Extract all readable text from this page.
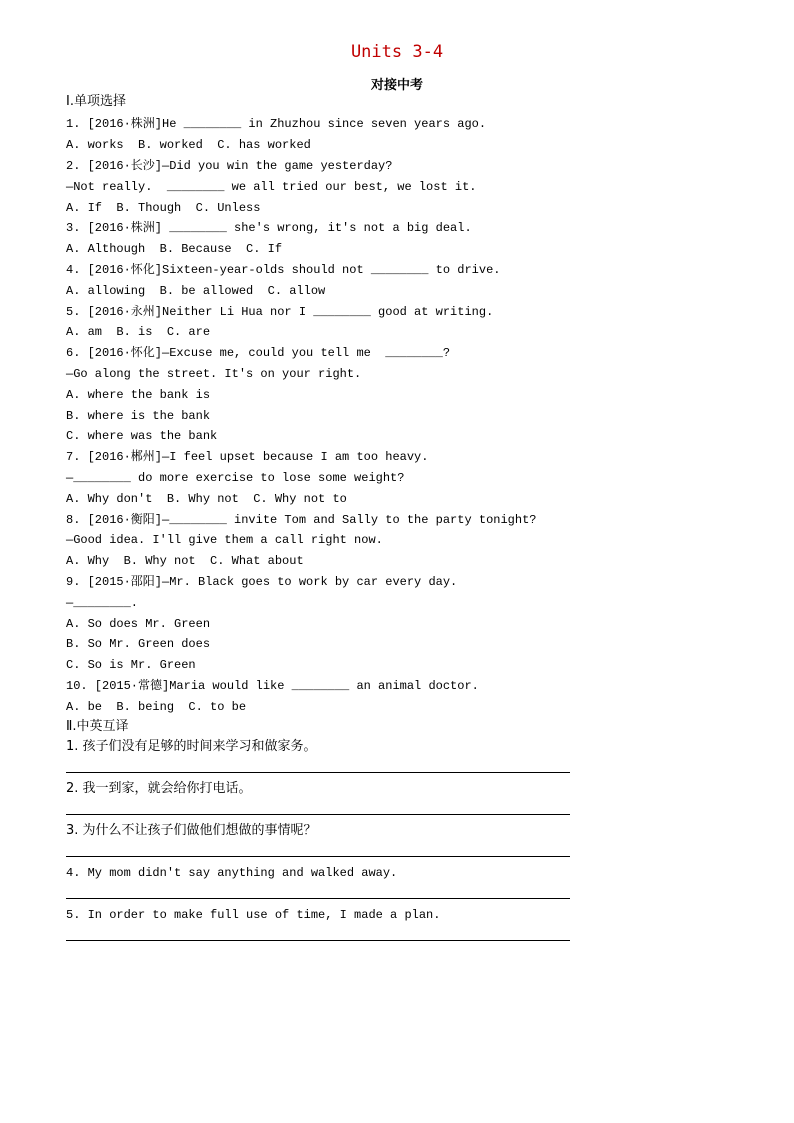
Units 3-4
对接中考
Ⅰ.单项选择
1. [2016·株洲]He ________ in Zhuzhou since seven years ago.
A. works  B. worked  C. has worked
2. [2016·长沙]—Did you win the game yesterday?
—Not really.  ________ we all tried our best, we lost it.
A. If  B. Though  C. Unless
3. [2016·株洲] ________ she's wrong, it's not a big deal.
A. Although  B. Because  C. If
4. [2016·怀化]Sixteen-year-olds should not ________ to drive.
A. allowing  B. be allowed  C. allow
5. [2016·永州]Neither Li Hua nor I ________ good at writing.
A. am  B. is  C. are
6. [2016·怀化]—Excuse me, could you tell me  ________?
—Go along the street. It's on your right.
A. where the bank is
B. where is the bank
C. where was the bank
7. [2016·郴州]—I feel upset because I am too heavy.
—________ do more exercise to lose some weight?
A. Why don't  B. Why not  C. Why not to
8. [2016·衡阳]—________ invite Tom and Sally to the party tonight?
—Good idea. I'll give them a call right now.
A. Why  B. Why not  C. What about
9. [2015·邵阳]—Mr. Black goes to work by car every day.
—________.
A. So does Mr. Green
B. So Mr. Green does
C. So is Mr. Green
10. [2015·常德]Maria would like ________ an animal doctor.
A. be  B. being  C. to be
Ⅱ.中英互译
1. 孩子们没有足够的时间来学习和做家务。
2. 我一到家，就会给你打电话。
3. 为什么不让孩子们做他们想做的事情呢？
4. My mom didn't say anything and walked away.
5. In order to make full use of time, I made a plan.
